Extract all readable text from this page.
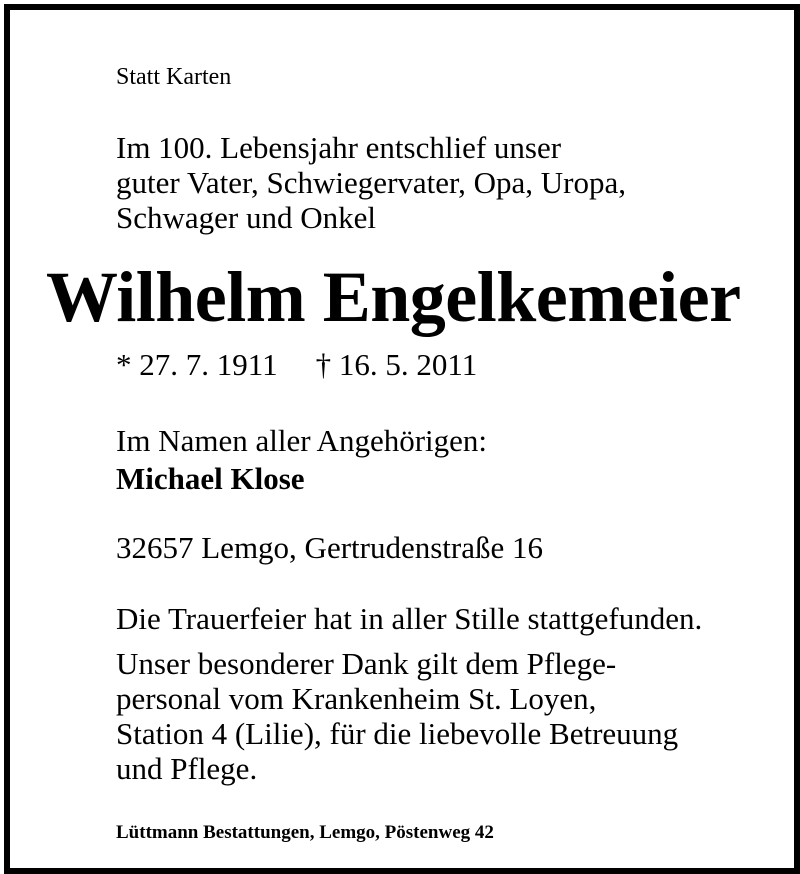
Statt Karten
Im 100. Lebensjahr entschlief unser
guter Vater, Schwiegervater, Opa, Uropa,
Schwager und Onkel
Wilhelm Engelkemeier
* 27. 7. 1911 † 16. 5. 2011
Im Namen aller Angehörigen:
Michael Klose
32657 Lemgo, Gertrudenstraße 16
Die Trauerfeier hat in aller Stille stattgefunden.
Unser besonderer Dank gilt dem Pflege-
personal vom Krankenheim St. Loyen,
Station 4 (Lilie), für die liebevolle Betreuung
und Pflege.
Lüttmann Bestattungen, Lemgo, Pöstenweg 42
